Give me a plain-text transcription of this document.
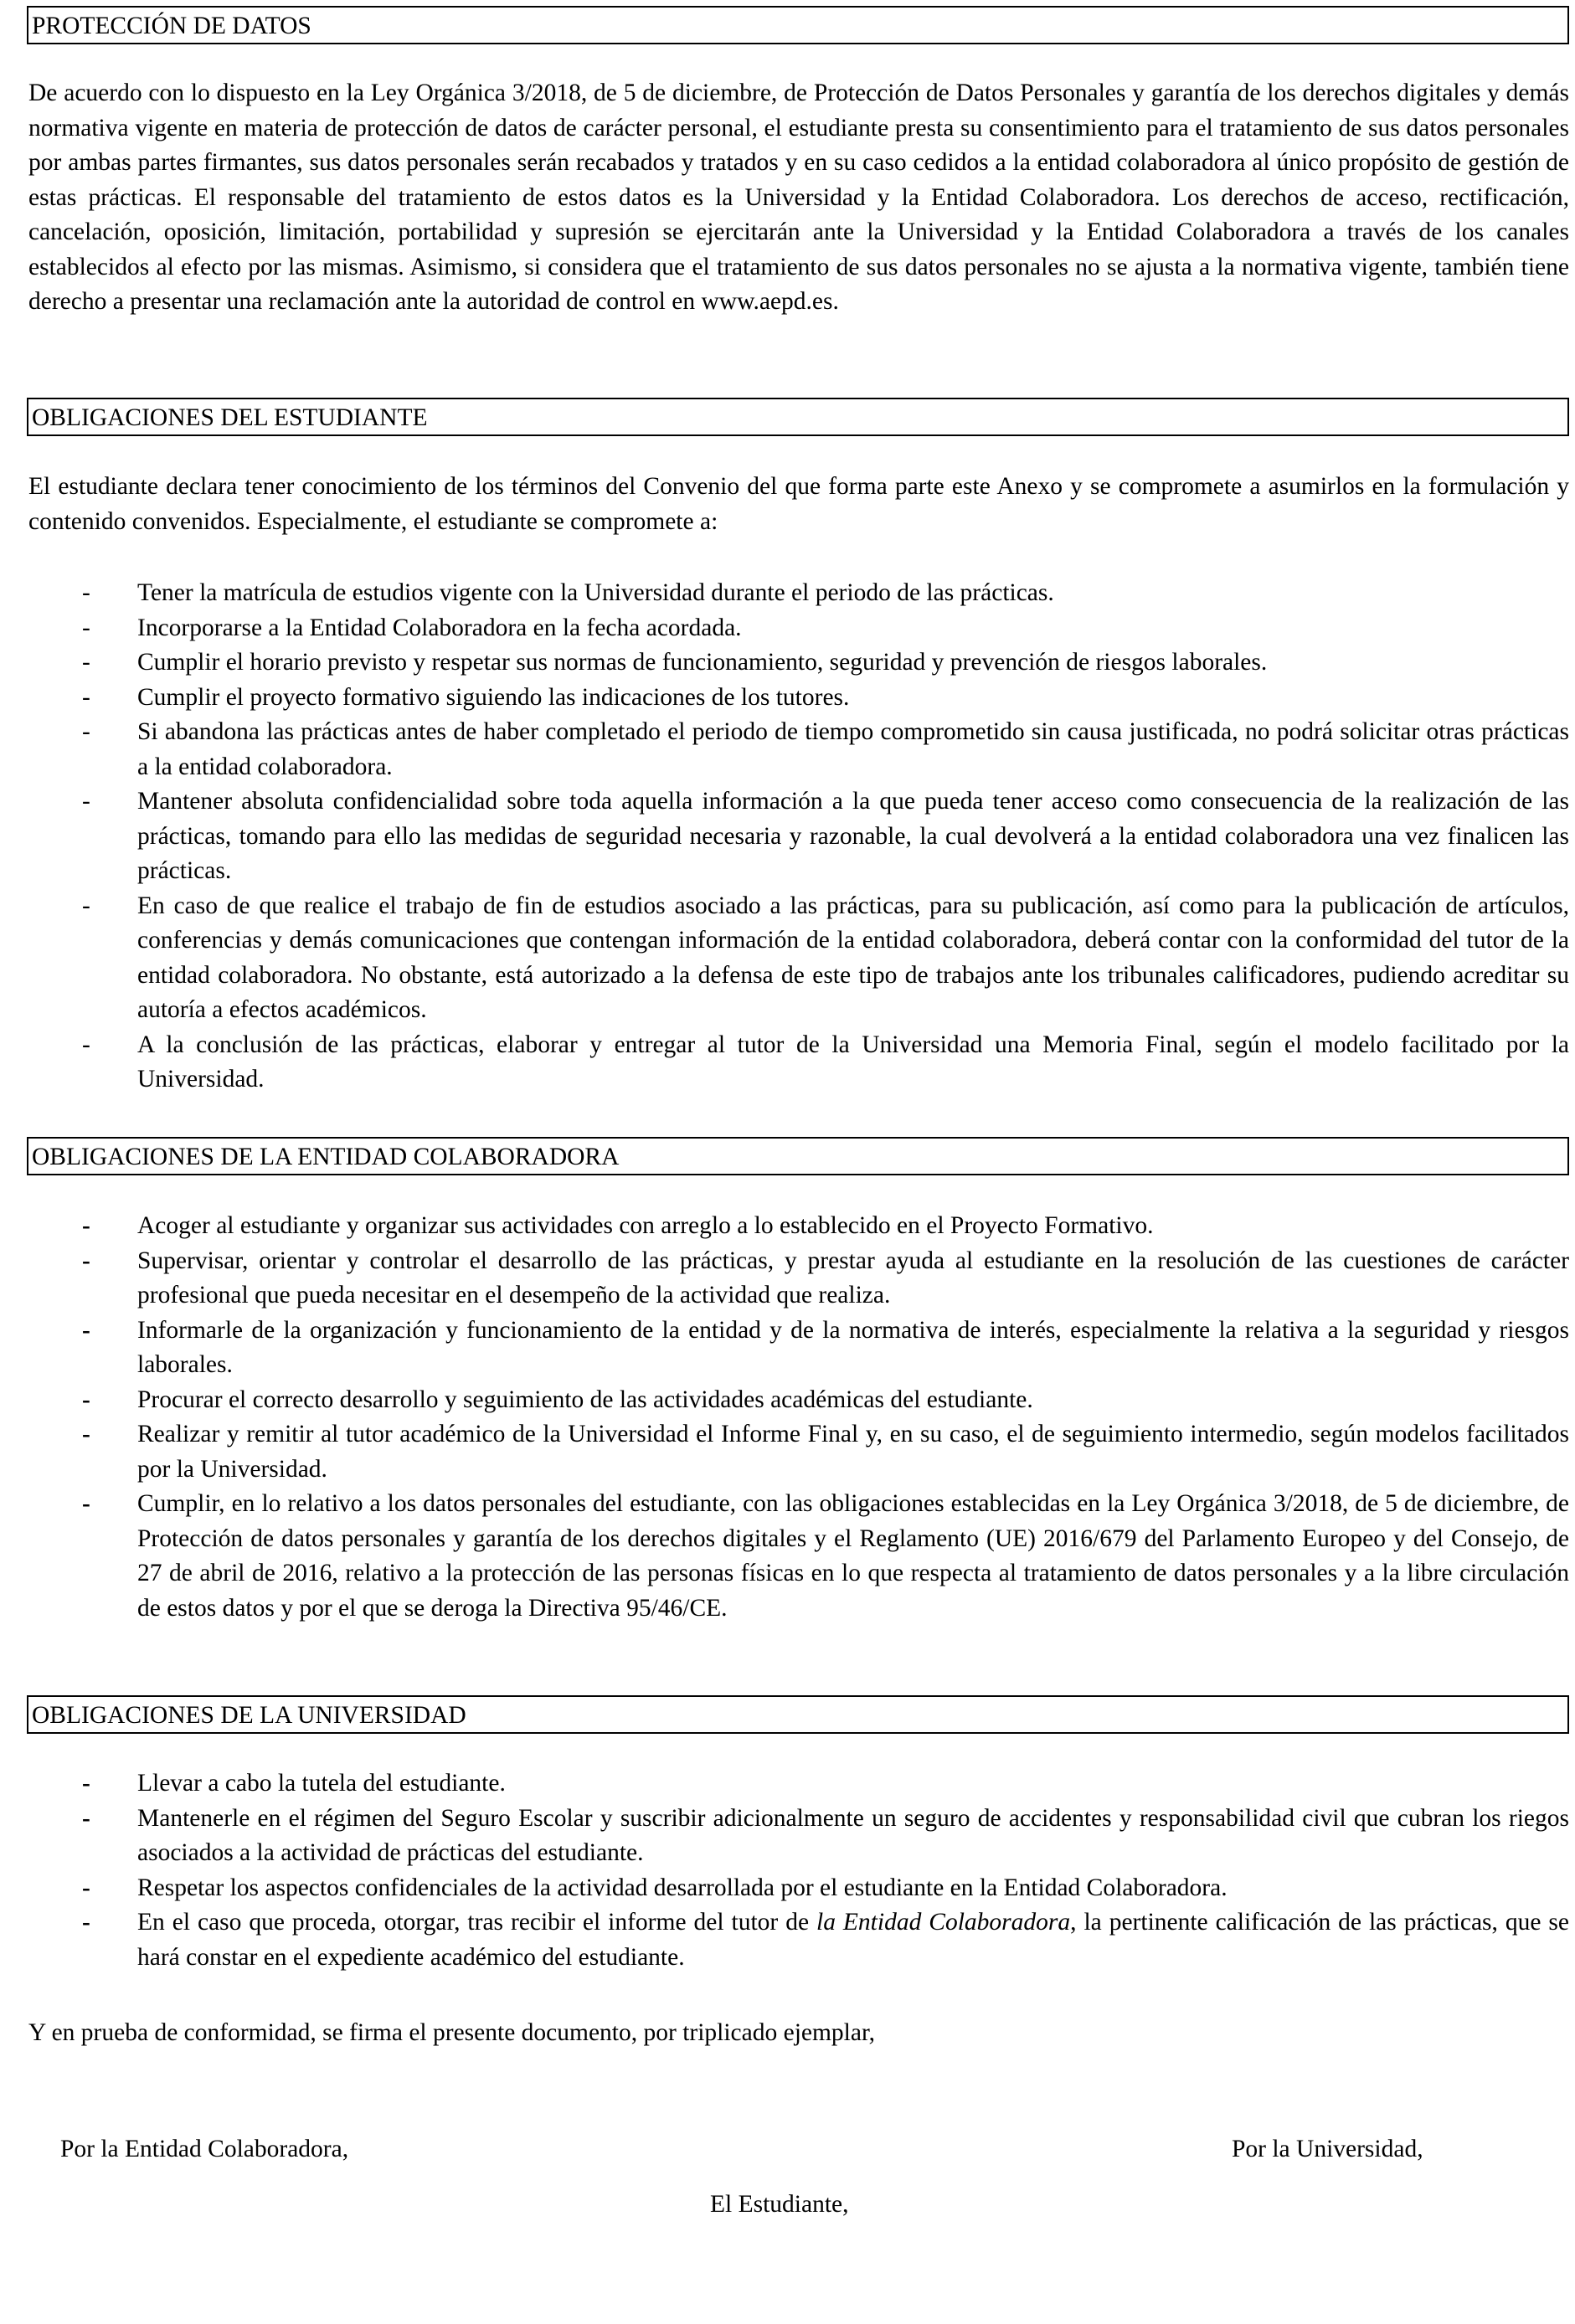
PROTECCIÓN DE DATOS

De acuerdo con lo dispuesto en la Ley Orgánica 3/2018, de 5 de diciembre, de Protección de Datos Personales y garantía de los derechos digitales y demás normativa vigente en materia de protección de datos de carácter personal, el estudiante presta su consentimiento para el tratamiento de sus datos personales por ambas partes firmantes, sus datos personales serán recabados y tratados y en su caso cedidos a la entidad colaboradora al único propósito de gestión de estas prácticas. El responsable del tratamiento de estos datos es la Universidad y la Entidad Colaboradora. Los derechos de acceso, rectificación, cancelación, oposición, limitación, portabilidad y supresión se ejercitarán ante la Universidad y la Entidad Colaboradora a través de los canales establecidos al efecto por las mismas. Asimismo, si considera que el tratamiento de sus datos personales no se ajusta a la normativa vigente, también tiene derecho a presentar una reclamación ante la autoridad de control en www.aepd.es.

OBLIGACIONES DEL ESTUDIANTE

El estudiante declara tener conocimiento de los términos del Convenio del que forma parte este Anexo y se compromete a asumirlos en la formulación y contenido convenidos. Especialmente, el estudiante se compromete a:

- Tener la matrícula de estudios vigente con la Universidad durante el periodo de las prácticas.
- Incorporarse a la Entidad Colaboradora en la fecha acordada.
- Cumplir el horario previsto y respetar sus normas de funcionamiento, seguridad y prevención de riesgos laborales.
- Cumplir el proyecto formativo siguiendo las indicaciones de los tutores.
- Si abandona las prácticas antes de haber completado el periodo de tiempo comprometido sin causa justificada, no podrá solicitar otras prácticas a la entidad colaboradora.
- Mantener absoluta confidencialidad sobre toda aquella información a la que pueda tener acceso como consecuencia de la realización de las prácticas, tomando para ello las medidas de seguridad necesaria y razonable, la cual devolverá a la entidad colaboradora una vez finalicen las prácticas.
- En caso de que realice el trabajo de fin de estudios asociado a las prácticas, para su publicación, así como para la publicación de artículos, conferencias y demás comunicaciones que contengan información de la entidad colaboradora, deberá contar con la conformidad del tutor de la entidad colaboradora. No obstante, está autorizado a la defensa de este tipo de trabajos ante los tribunales calificadores, pudiendo acreditar su autoría a efectos académicos.
- A la conclusión de las prácticas, elaborar y entregar al tutor de la Universidad una Memoria Final, según el modelo facilitado por la Universidad.
OBLIGACIONES DE LA ENTIDAD COLABORADORA
- Acoger al estudiante y organizar sus actividades con arreglo a lo establecido en el Proyecto Formativo.
- Supervisar, orientar y controlar el desarrollo de las prácticas, y prestar ayuda al estudiante en la resolución de las cuestiones de carácter profesional que pueda necesitar en el desempeño de la actividad que realiza.
- Informarle de la organización y funcionamiento de la entidad y de la normativa de interés, especialmente la relativa a la seguridad y riesgos laborales.
- Procurar el correcto desarrollo y seguimiento de las actividades académicas del estudiante.
- Realizar y remitir al tutor académico de la Universidad el Informe Final y, en su caso, el de seguimiento intermedio, según modelos facilitados por la Universidad.
- Cumplir, en lo relativo a los datos personales del estudiante, con las obligaciones establecidas en la Ley Orgánica 3/2018, de 5 de diciembre, de Protección de datos personales y garantía de los derechos digitales y el Reglamento (UE) 2016/679 del Parlamento Europeo y del Consejo, de 27 de abril de 2016, relativo a la protección de las personas físicas en lo que respecta al tratamiento de datos personales y a la libre circulación de estos datos y por el que se deroga la Directiva 95/46/CE.
OBLIGACIONES DE LA UNIVERSIDAD
- Llevar a cabo la tutela del estudiante.
- Mantenerle en el régimen del Seguro Escolar y suscribir adicionalmente un seguro de accidentes y responsabilidad civil que cubran los riegos asociados a la actividad de prácticas del estudiante.
- Respetar los aspectos confidenciales de la actividad desarrollada por el estudiante en la Entidad Colaboradora.
- En el caso que proceda, otorgar, tras recibir el informe del tutor de la Entidad Colaboradora, la pertinente calificación de las prácticas, que se hará constar en el expediente académico del estudiante.

Y en prueba de conformidad, se firma el presente documento, por triplicado ejemplar,

Por la Entidad Colaboradora,	Por la Universidad,
El Estudiante,
